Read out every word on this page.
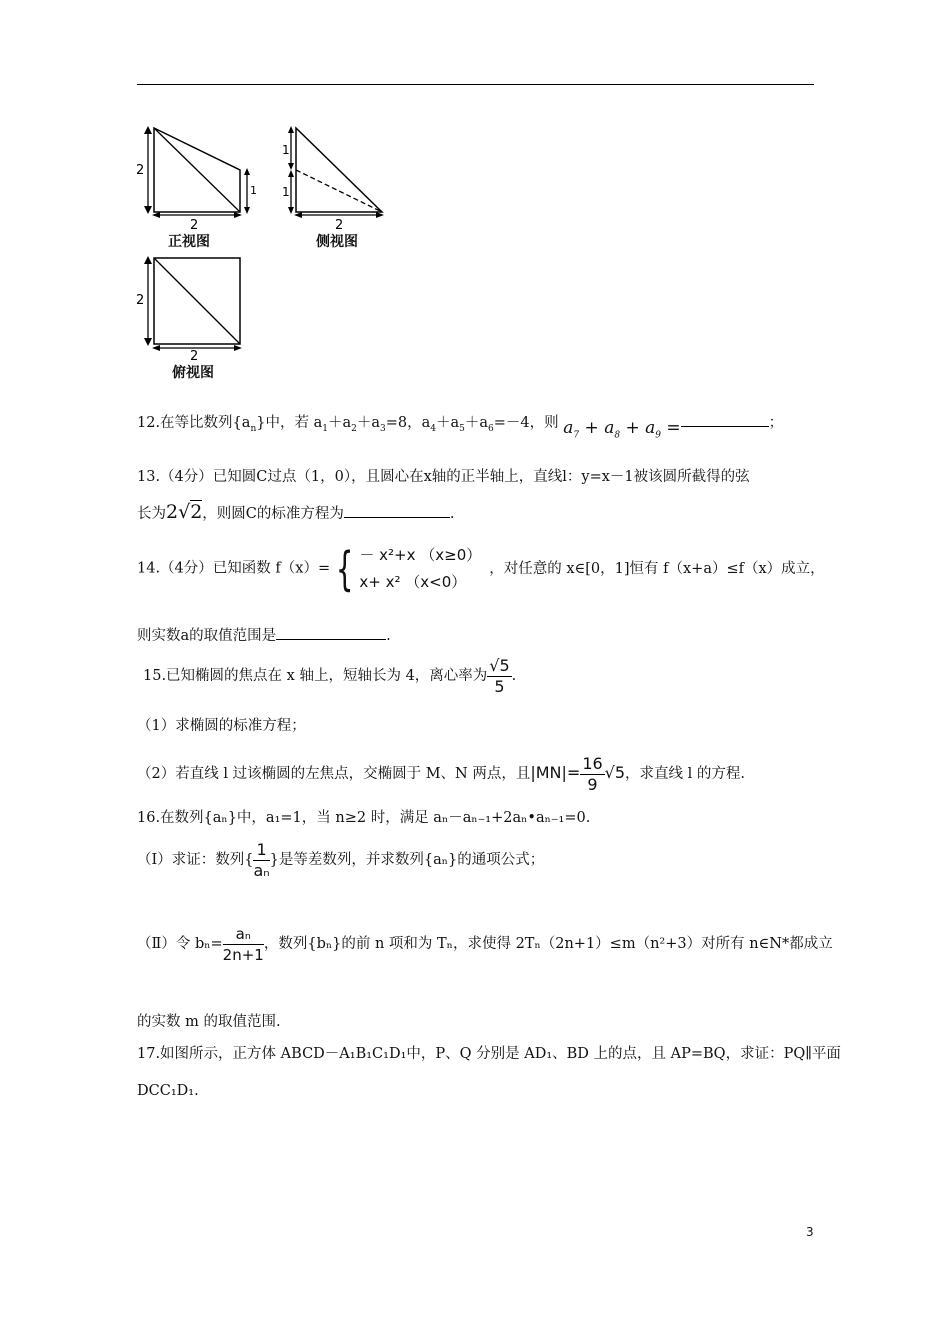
2
1
2
正视图
1
1
2
侧视图
2
2
俯视图
12.在等比数列$\{a_n\}$中，若 $a_1+a_2+a_3=8$，$a_4+a_5+a_6=-4$，则 $a_7 + a_8 + a_9$ =	；
13.（4分）已知圆C过点（1，0），且圆心在x轴的正半轴上，直线l：y=x－1被该圆所截得的弦
长为2√2，则圆C的标准方程为	.
14.（4分）已知函数 f（x）= { － x²+x （x≥0）
x+ x² （x<0）
，对任意的 x∈[0，1]恒有 f（x+a）≤f（x）成立，
则实数a的取值范围是	.
15.已知椭圆的焦点在 x 轴上，短轴长为 4，离心率为 $\frac{√5}{5}$ .
（1）求椭圆的标准方程；
（2）若直线 l 过该椭圆的左焦点，交椭圆于 M、N 两点，且$|MN|= \frac{16}{9} √5$，求直线 l 的方程.
16.在数列{aₙ}中，a₁=1，当 n≥2 时，满足 aₙ－aₙ₋₁+2aₙ•aₙ₋₁=0.
（Ⅰ）求证：数列{ $\frac{1}{\text{aₙ}}$ }是等差数列，并求数列{aₙ}的通项公式；
（Ⅱ）令 $b_n= \frac{\text{aₙ}}{2n+1}$ ，数列{bₙ}的前 n 项和为 Tₙ，求使得 2Tₙ（2n+1）≤m（n²+3）对所有 n∈N*都成立
的实数 m 的取值范围.
17.如图所示，正方体 ABCD－A₁B₁C₁D₁中，P、Q 分别是 AD₁、BD 上的点，且 AP=BQ，求证：PQ∥平面
DCC₁D₁.
3
